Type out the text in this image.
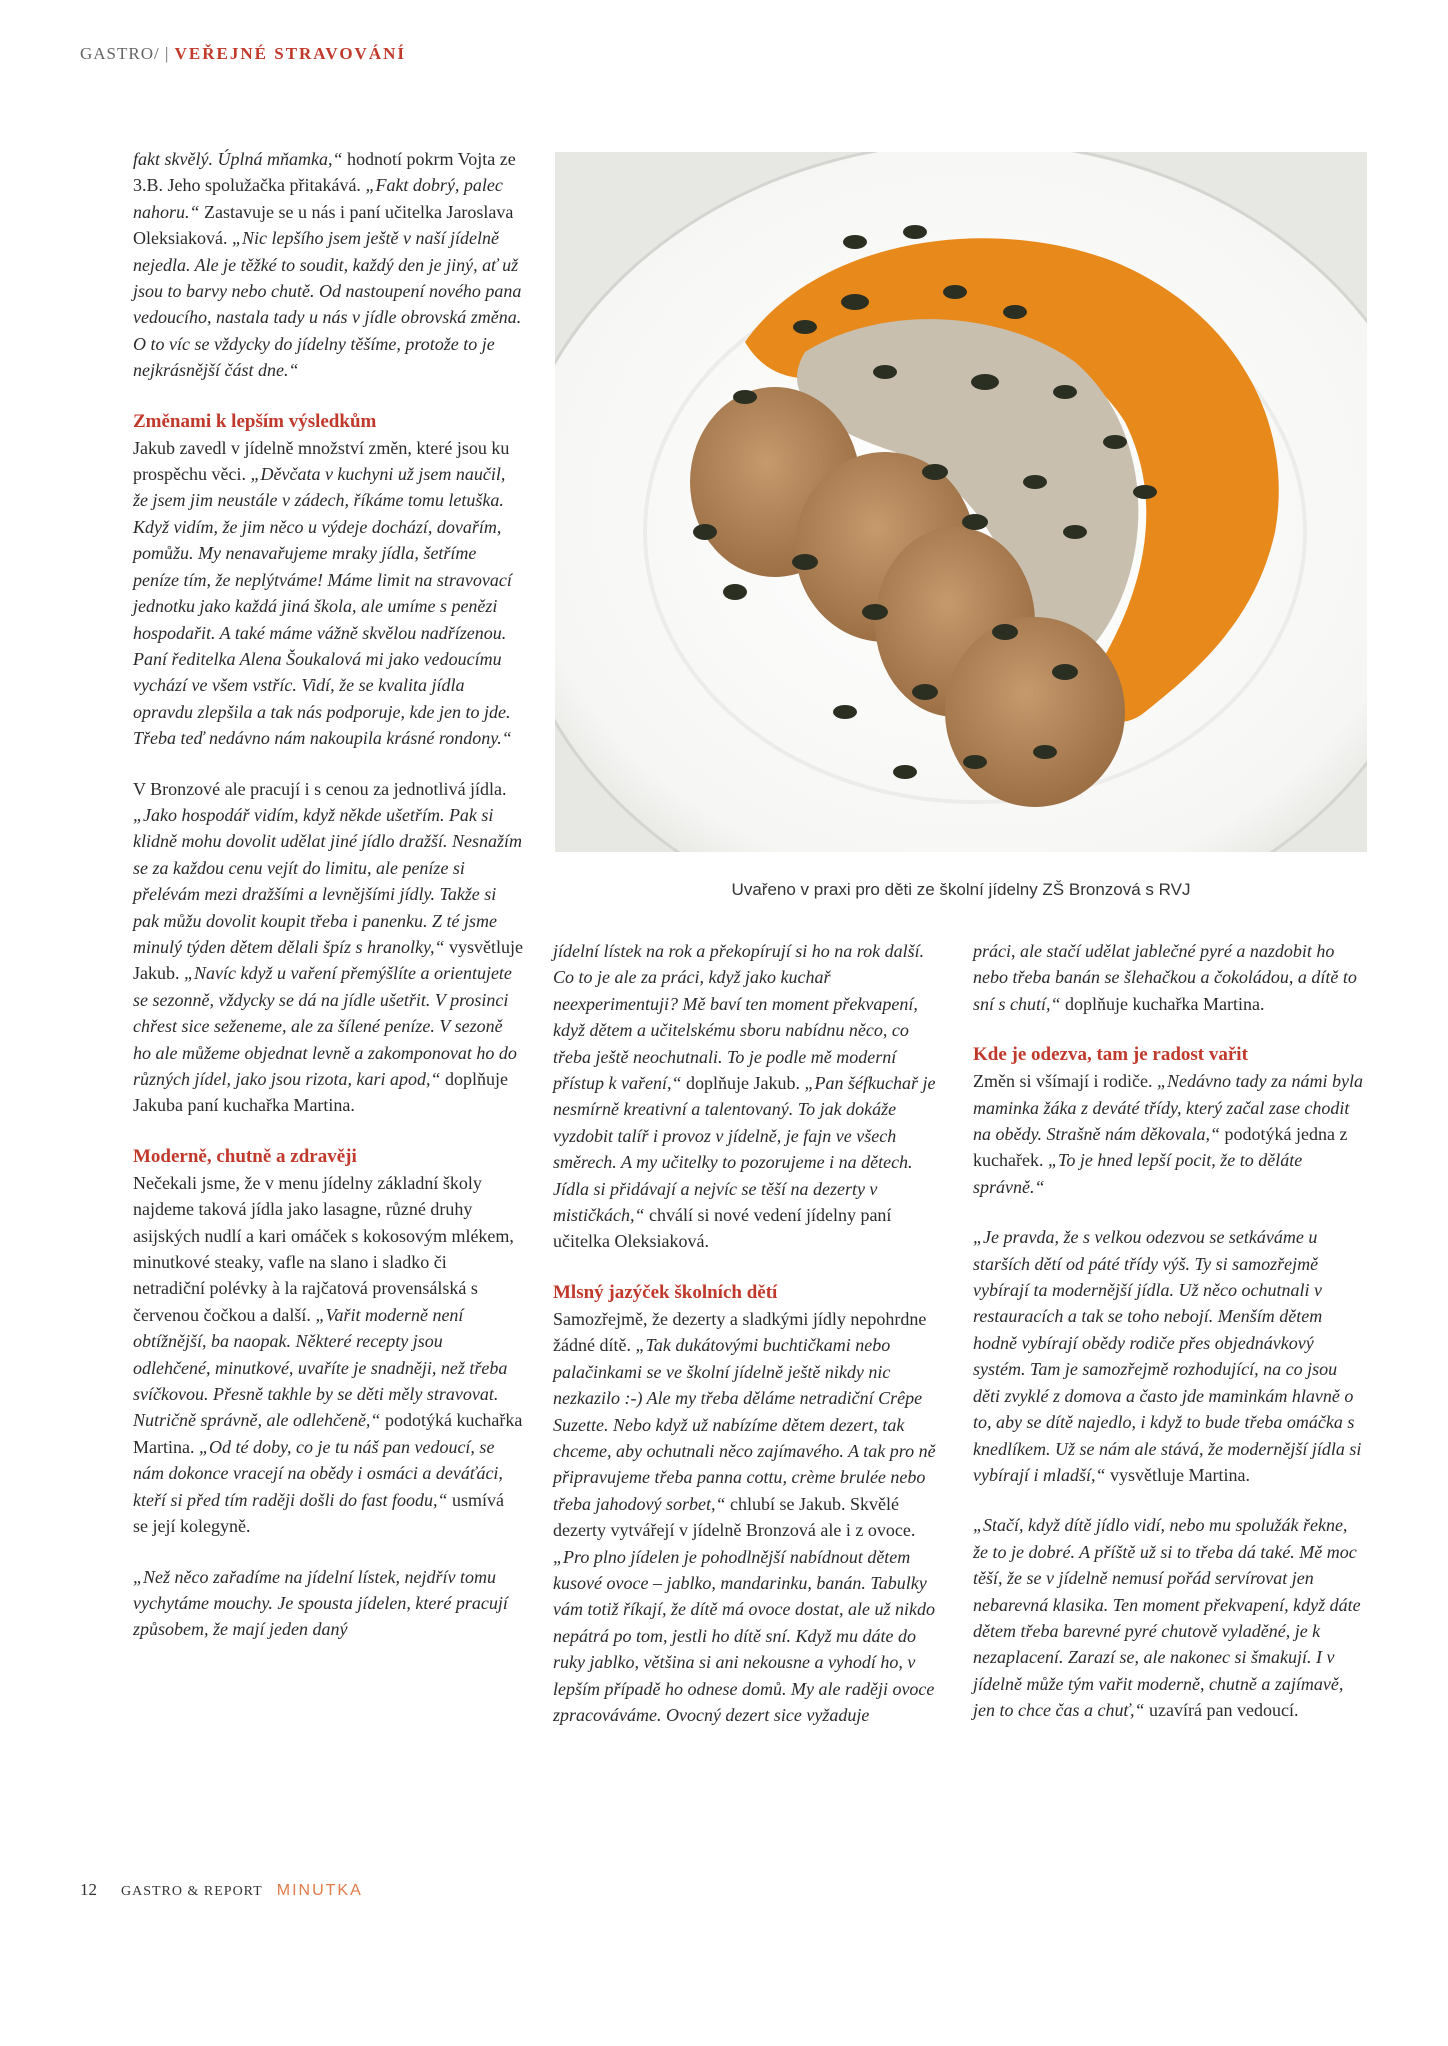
GASTRO/ | VEŘEJNÉ STRAVOVÁNÍ

fakt skvělý. Úplná mňamka,“ hodnotí pokrm Vojta ze 3.B. Jeho spolužačka přitakává. „Fakt dobrý, palec nahoru.“ Zastavuje se u nás i paní učitelka Jaroslava Oleksiaková. „Nic lepšího jsem ještě v naší jídelně nejedla. Ale je těžké to soudit, každý den je jiný, ať už jsou to barvy nebo chutě. Od nastoupení nového pana vedoucího, nastala tady u nás v jídle obrovská změna. O to víc se vždycky do jídelny těšíme, protože to je nejkrásnější část dne.“

Změnami k lepším výsledkům

Jakub zavedl v jídelně množství změn, které jsou ku prospěchu věci. „Děvčata v kuchyni už jsem naučil, že jsem jim neustále v zádech, říkáme tomu letuška. Když vidím, že jim něco u výdeje dochází, dovařím, pomůžu. My nenavařujeme mraky jídla, šetříme peníze tím, že neplýtváme! Máme limit na stravovací jednotku jako každá jiná škola, ale umíme s penězi hospodařit. A také máme vážně skvělou nadřízenou. Paní ředitelka Alena Šoukalová mi jako vedoucímu vychází ve všem vstříc. Vidí, že se kvalita jídla opravdu zlepšila a tak nás podporuje, kde jen to jde. Třeba teď nedávno nám nakoupila krásné rondony.“

V Bronzové ale pracují i s cenou za jednotlivá jídla. „Jako hospodář vidím, když někde ušetřím. Pak si klidně mohu dovolit udělat jiné jídlo dražší. Nesnažím se za každou cenu vejít do limitu, ale peníze si přelévám mezi dražšími a levnějšími jídly. Takže si pak můžu dovolit koupit třeba i panenku. Z té jsme minulý týden dětem dělali špíz s hranolky,“ vysvětluje Jakub. „Navíc když u vaření přemýšlíte a orientujete se sezonně, vždycky se dá na jídle ušetřit. V prosinci chřest sice seženeme, ale za šílené peníze. V sezoně ho ale můžeme objednat levně a zakomponovat ho do různých jídel, jako jsou rizota, kari apod,“ doplňuje Jakuba paní kuchařka Martina.

Moderně, chutně a zdravěji

Nečekali jsme, že v menu jídelny základní školy najdeme taková jídla jako lasagne, různé druhy asijských nudlí a kari omáček s kokosovým mlékem, minutkové steaky, vafle na slano i sladko či netradiční polévky à la rajčatová provensálská s červenou čočkou a další. „Vařit moderně není obtížnější, ba naopak. Některé recepty jsou odlehčené, minutkové, uvaříte je snadněji, než třeba svíčkovou. Přesně takhle by se děti měly stravovat. Nutričně správně, ale odlehčeně,“ podotýká kuchařka Martina. „Od té doby, co je tu náš pan vedoucí, se nám dokonce vracejí na obědy i osmáci a deváťáci, kteří si před tím raději došli do fast foodu,“ usmívá se její kolegyně.

„Než něco zařadíme na jídelní lístek, nejdřív tomu vychytáme mouchy. Je spousta jídelen, které pracují způsobem, že mají jeden daný

Uvařeno v praxi pro děti ze školní jídelny ZŠ Bronzová s RVJ

jídelní lístek na rok a překopírují si ho na rok další. Co to je ale za práci, když jako kuchař neexperimentuji? Mě baví ten moment překvapení, když dětem a učitelskému sboru nabídnu něco, co třeba ještě neochutnali. To je podle mě moderní přístup k vaření,“ doplňuje Jakub. „Pan šéfkuchař je nesmírně kreativní a talentovaný. To jak dokáže vyzdobit talíř i provoz v jídelně, je fajn ve všech směrech. A my učitelky to pozorujeme i na dětech. Jídla si přidávají a nejvíc se těší na dezerty v mističkách,“ chválí si nové vedení jídelny paní učitelka Oleksiaková.

Mlsný jazýček školních dětí

Samozřejmě, že dezerty a sladkými jídly nepohrdne žádné dítě. „Tak dukátovými buchtičkami nebo palačinkami se ve školní jídelně ještě nikdy nic nezkazilo :-) Ale my třeba děláme netradiční Crêpe Suzette. Nebo když už nabízíme dětem dezert, tak chceme, aby ochutnali něco zajímavého. A tak pro ně připravujeme třeba panna cottu, crème brulée nebo třeba jahodový sorbet,“ chlubí se Jakub. Skvělé dezerty vytvářejí v jídelně Bronzová ale i z ovoce. „Pro plno jídelen je pohodlnější nabídnout dětem kusové ovoce – jablko, mandarinku, banán. Tabulky vám totiž říkají, že dítě má ovoce dostat, ale už nikdo nepátrá po tom, jestli ho dítě sní. Když mu dáte do ruky jablko, většina si ani nekousne a vyhodí ho, v lepším případě ho odnese domů. My ale raději ovoce zpracováváme. Ovocný dezert sice vyžaduje

práci, ale stačí udělat jablečné pyré a nazdobit ho nebo třeba banán se šlehačkou a čokoládou, a dítě to sní s chutí,“ doplňuje kuchařka Martina.

Kde je odezva, tam je radost vařit

Změn si všímají i rodiče. „Nedávno tady za námi byla maminka žáka z deváté třídy, který začal zase chodit na obědy. Strašně nám děkovala,“ podotýká jedna z kuchařek. „To je hned lepší pocit, že to děláte správně.“

„Je pravda, že s velkou odezvou se setkáváme u starších dětí od páté třídy výš. Ty si samozřejmě vybírají ta modernější jídla. Už něco ochutnali v restauracích a tak se toho nebojí. Menším dětem hodně vybírají obědy rodiče přes objednávkový systém. Tam je samozřejmě rozhodující, na co jsou děti zvyklé z domova a často jde maminkám hlavně o to, aby se dítě najedlo, i když to bude třeba omáčka s knedlíkem. Už se nám ale stává, že modernější jídla si vybírají i mladší,“ vysvětluje Martina.

„Stačí, když dítě jídlo vidí, nebo mu spolužák řekne, že to je dobré. A příště už si to třeba dá také. Mě moc těší, že se v jídelně nemusí pořád servírovat jen nebarevná klasika. Ten moment překvapení, když dáte dětem třeba barevné pyré chutově vyladěné, je k nezaplacení. Zarazí se, ale nakonec si šmakují. I v jídelně může tým vařit moderně, chutně a zajímavě, jen to chce čas a chuť,“ uzavírá pan vedoucí.

12 GASTRO & REPORT MINUTKA
